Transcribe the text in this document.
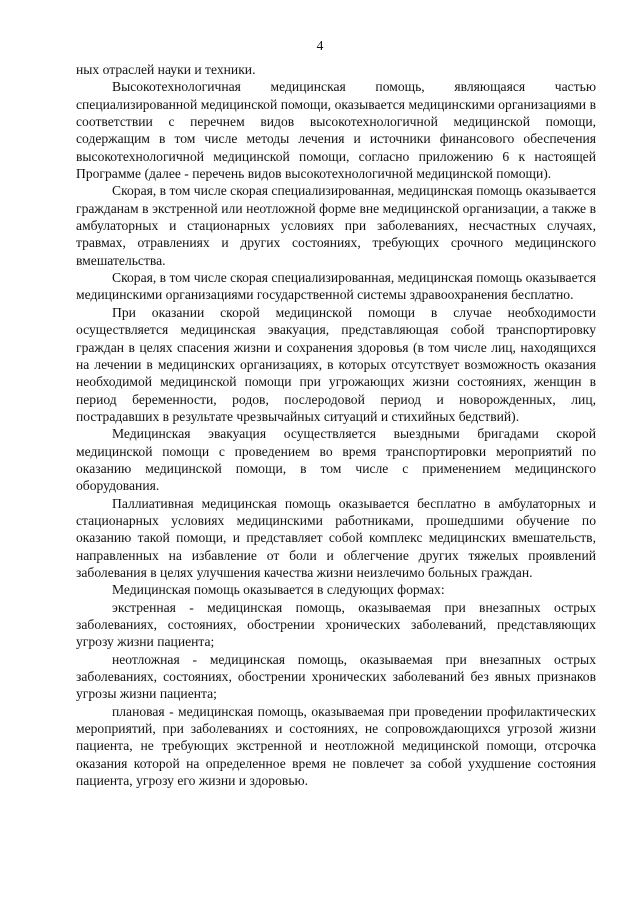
4

ных отраслей науки и техники.

Высокотехнологичная медицинская помощь, являющаяся частью специализированной медицинской помощи, оказывается медицинскими организациями в соответствии с перечнем видов высокотехнологичной медицинской помощи, содержащим в том числе методы лечения и источники финансового обеспечения высокотехнологичной медицинской помощи, согласно приложению 6 к настоящей Программе (далее - перечень видов высокотехнологичной медицинской помощи).

Скорая, в том числе скорая специализированная, медицинская помощь оказывается гражданам в экстренной или неотложной форме вне медицинской организации, а также в амбулаторных и стационарных условиях при заболеваниях, несчастных случаях, травмах, отравлениях и других состояниях, требующих срочного медицинского вмешательства.

Скорая, в том числе скорая специализированная, медицинская помощь оказывается медицинскими организациями государственной системы здравоохранения бесплатно.

При оказании скорой медицинской помощи в случае необходимости осуществляется медицинская эвакуация, представляющая собой транспортировку граждан в целях спасения жизни и сохранения здоровья (в том числе лиц, находящихся на лечении в медицинских организациях, в которых отсутствует возможность оказания необходимой медицинской помощи при угрожающих жизни состояниях, женщин в период беременности, родов, послеродовой период и новорожденных, лиц, пострадавших в результате чрезвычайных ситуаций и стихийных бедствий).

Медицинская эвакуация осуществляется выездными бригадами скорой медицинской помощи с проведением во время транспортировки мероприятий по оказанию медицинской помощи, в том числе с применением медицинского оборудования.

Паллиативная медицинская помощь оказывается бесплатно в амбулаторных и стационарных условиях медицинскими работниками, прошедшими обучение по оказанию такой помощи, и представляет собой комплекс медицинских вмешательств, направленных на избавление от боли и облегчение других тяжелых проявлений заболевания в целях улучшения качества жизни неизлечимо больных граждан.

Медицинская помощь оказывается в следующих формах:

экстренная - медицинская помощь, оказываемая при внезапных острых заболеваниях, состояниях, обострении хронических заболеваний, представляющих угрозу жизни пациента;

неотложная - медицинская помощь, оказываемая при внезапных острых заболеваниях, состояниях, обострении хронических заболеваний без явных признаков угрозы жизни пациента;

плановая - медицинская помощь, оказываемая при проведении профилактических мероприятий, при заболеваниях и состояниях, не сопровождающихся угрозой жизни пациента, не требующих экстренной и неотложной медицинской помощи, отсрочка оказания которой на определенное время не повлечет за собой ухудшение состояния пациента, угрозу его жизни и здоровью.
